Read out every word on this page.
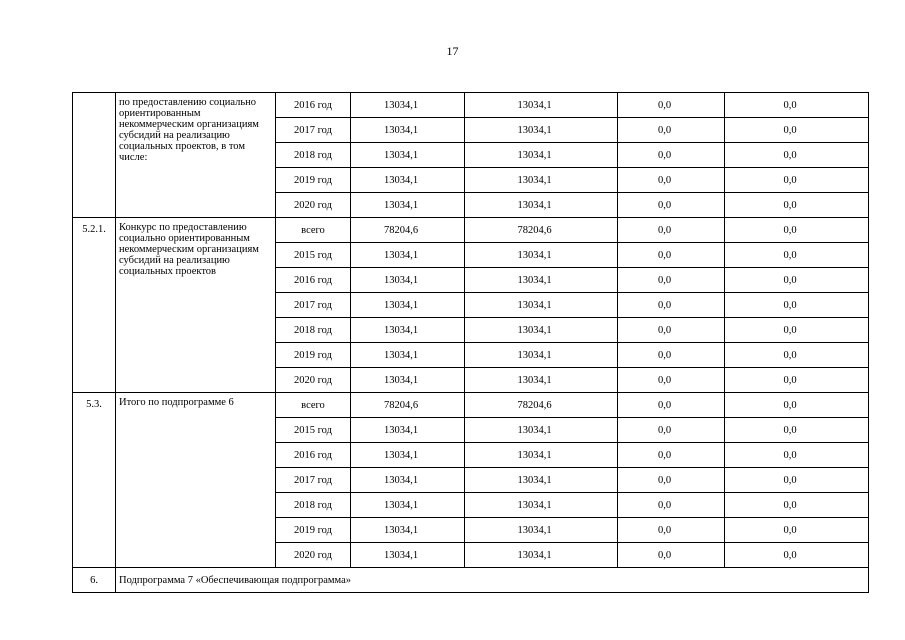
17
	по предоставлению социально ориентированным некоммерческим организациям субсидий на реализацию социальных проектов, в том числе:	2016 год	13034,1	13034,1	0,0	0,0
		2017 год	13034,1	13034,1	0,0	0,0
		2018 год	13034,1	13034,1	0,0	0,0
		2019 год	13034,1	13034,1	0,0	0,0
		2020 год	13034,1	13034,1	0,0	0,0
5.2.1.	Конкурс по предоставлению социально ориентированным некоммерческим организациям субсидий на реализацию социальных проектов	всего	78204,6	78204,6	0,0	0,0
		2015 год	13034,1	13034,1	0,0	0,0
		2016 год	13034,1	13034,1	0,0	0,0
		2017 год	13034,1	13034,1	0,0	0,0
		2018 год	13034,1	13034,1	0,0	0,0
		2019 год	13034,1	13034,1	0,0	0,0
		2020 год	13034,1	13034,1	0,0	0,0
5.3.	Итого по подпрограмме 6	всего	78204,6	78204,6	0,0	0,0
		2015 год	13034,1	13034,1	0,0	0,0
		2016 год	13034,1	13034,1	0,0	0,0
		2017 год	13034,1	13034,1	0,0	0,0
		2018 год	13034,1	13034,1	0,0	0,0
		2019 год	13034,1	13034,1	0,0	0,0
		2020 год	13034,1	13034,1	0,0	0,0
6.	Подпрограмма 7 «Обеспечивающая подпрограмма»					
